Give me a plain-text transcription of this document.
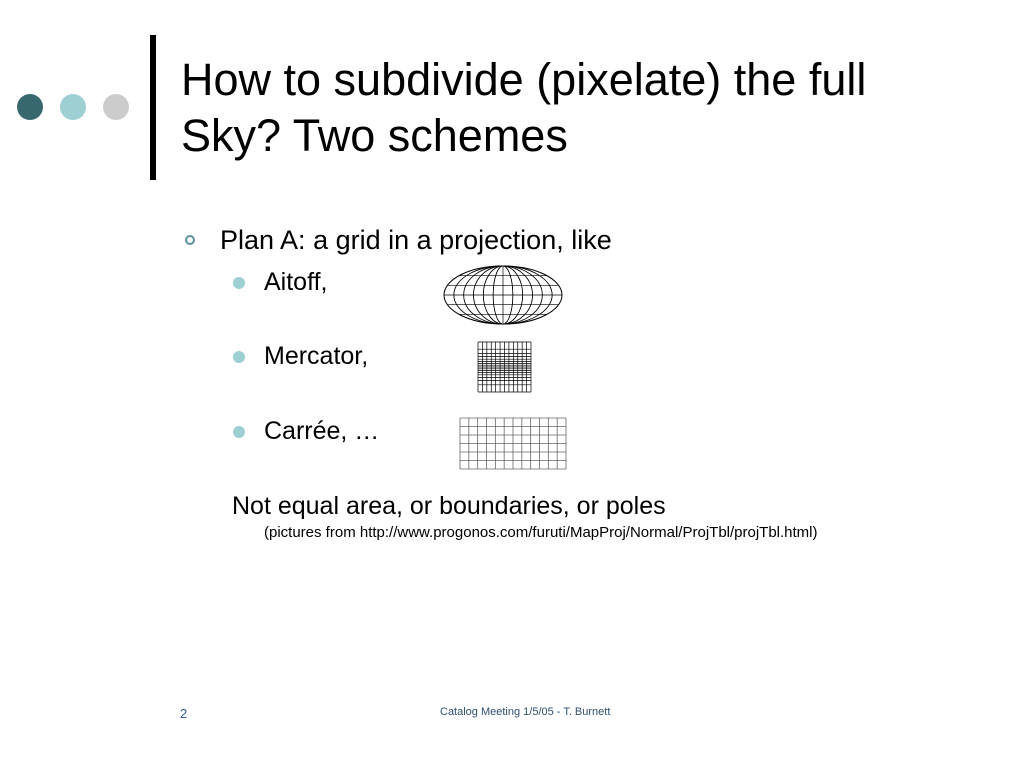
How to subdivide (pixelate) the full
Sky? Two schemes
Plan A: a grid in a projection, like
Aitoff,
Mercator,
Carrée, …
Not equal area, or boundaries, or poles
(pictures from http://www.progonos.com/furuti/MapProj/Normal/ProjTbl/projTbl.html)
2	Catalog Meeting 1/5/05 - T. Burnett
